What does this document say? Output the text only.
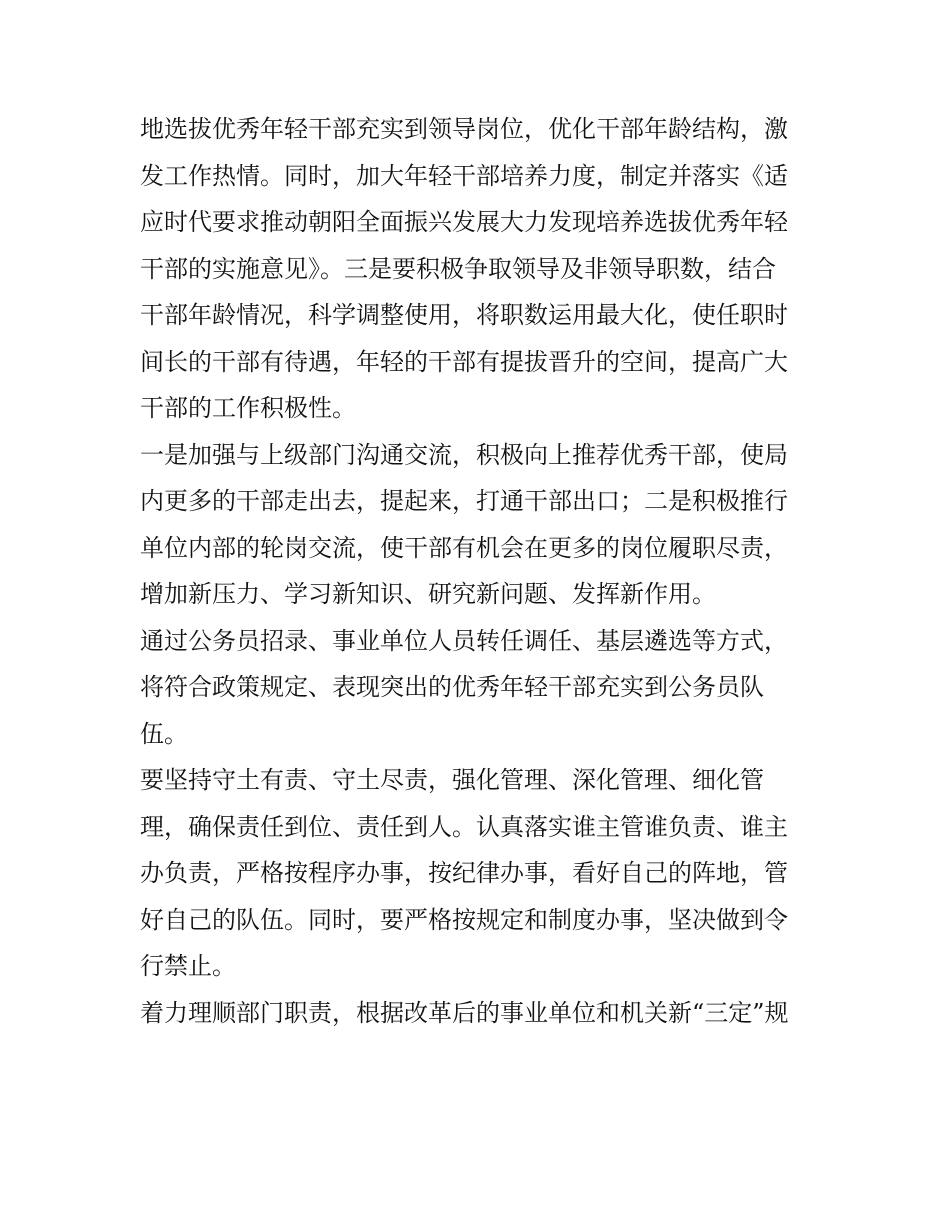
地选拔优秀年轻干部充实到领导岗位，优化干部年龄结构，激
发工作热情。同时，加大年轻干部培养力度，制定并落实《适
应时代要求推动朝阳全面振兴发展大力发现培养选拔优秀年轻
干部的实施意见》。三是要积极争取领导及非领导职数，结合
干部年龄情况，科学调整使用，将职数运用最大化，使任职时
间长的干部有待遇，年轻的干部有提拔晋升的空间，提高广大
干部的工作积极性。
一是加强与上级部门沟通交流，积极向上推荐优秀干部，使局
内更多的干部走出去，提起来，打通干部出口；二是积极推行
单位内部的轮岗交流，使干部有机会在更多的岗位履职尽责，
增加新压力、学习新知识、研究新问题、发挥新作用。
通过公务员招录、事业单位人员转任调任、基层遴选等方式，
将符合政策规定、表现突出的优秀年轻干部充实到公务员队
伍。
要坚持守土有责、守土尽责，强化管理、深化管理、细化管
理，确保责任到位、责任到人。认真落实谁主管谁负责、谁主
办负责，严格按程序办事，按纪律办事，看好自己的阵地，管
好自己的队伍。同时，要严格按规定和制度办事，坚决做到令
行禁止。
着力理顺部门职责，根据改革后的事业单位和机关新“三定”规
